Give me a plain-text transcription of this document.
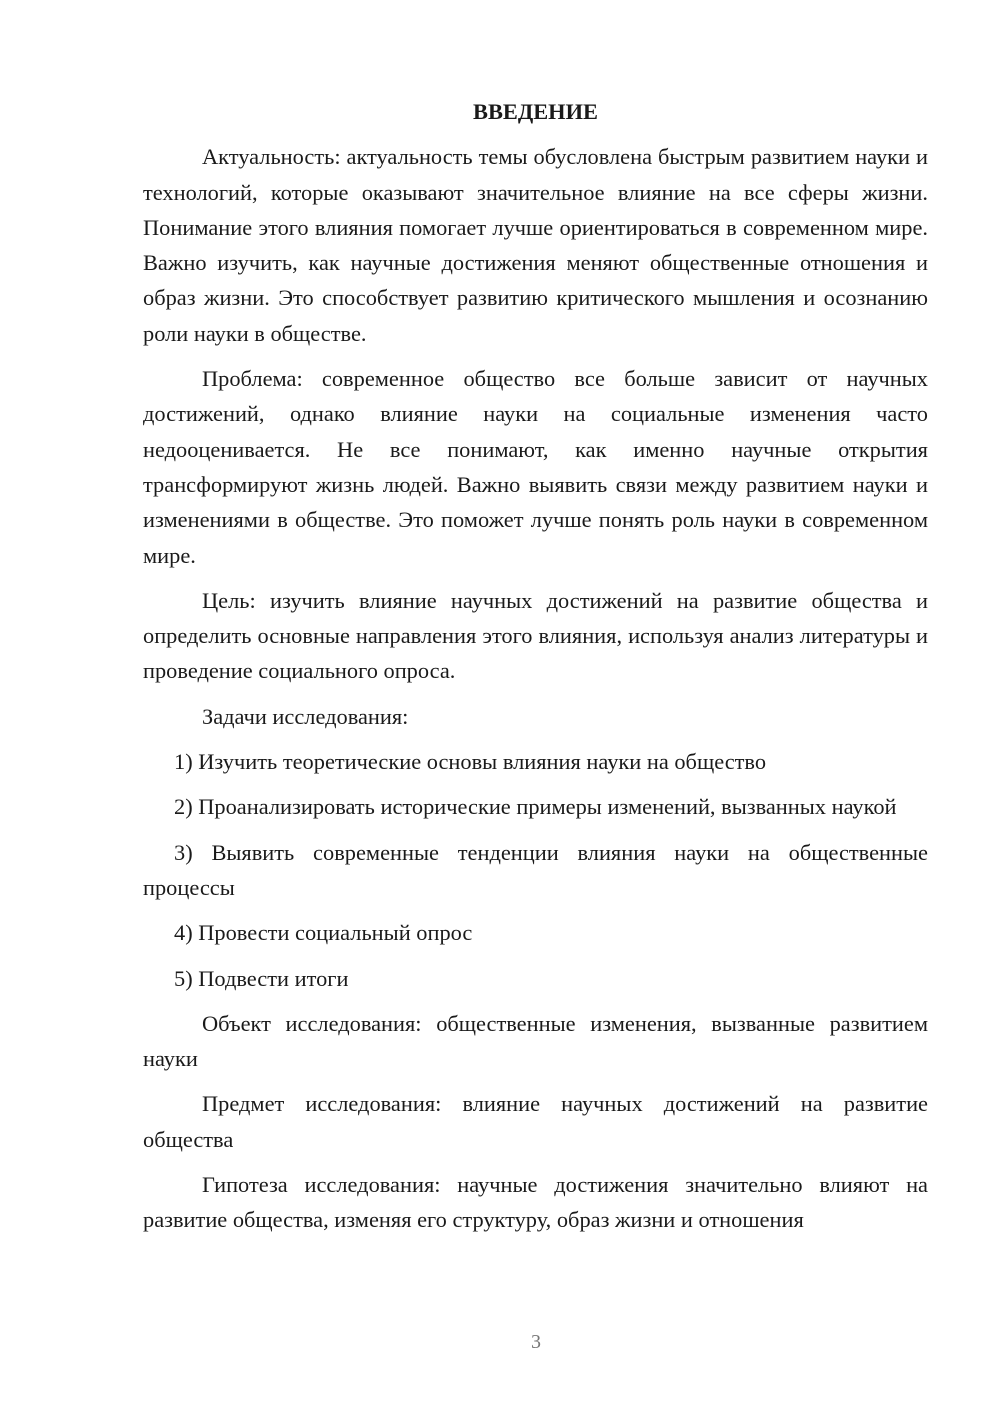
ВВЕДЕНИЕ

Актуальность: актуальность темы обусловлена быстрым развитием науки и технологий, которые оказывают значительное влияние на все сферы жизни. Понимание этого влияния помогает лучше ориентироваться в современном мире. Важно изучить, как научные достижения меняют общественные отношения и образ жизни. Это способствует развитию критического мышления и осознанию роли науки в обществе.

Проблема: современное общество все больше зависит от научных достижений, однако влияние науки на социальные изменения часто недооценивается. Не все понимают, как именно научные открытия трансформируют жизнь людей. Важно выявить связи между развитием науки и изменениями в обществе. Это поможет лучше понять роль науки в современном мире.

Цель: изучить влияние научных достижений на развитие общества и определить основные направления этого влияния, используя анализ литературы и проведение социального опроса.

Задачи исследования:

1) Изучить теоретические основы влияния науки на общество

2) Проанализировать исторические примеры изменений, вызванных наукой

3) Выявить современные тенденции влияния науки на общественные процессы

4) Провести социальный опрос

5) Подвести итоги

Объект исследования: общественные изменения, вызванные развитием науки

Предмет исследования: влияние научных достижений на развитие общества

Гипотеза исследования: научные достижения значительно влияют на развитие общества, изменяя его структуру, образ жизни и отношения

3
